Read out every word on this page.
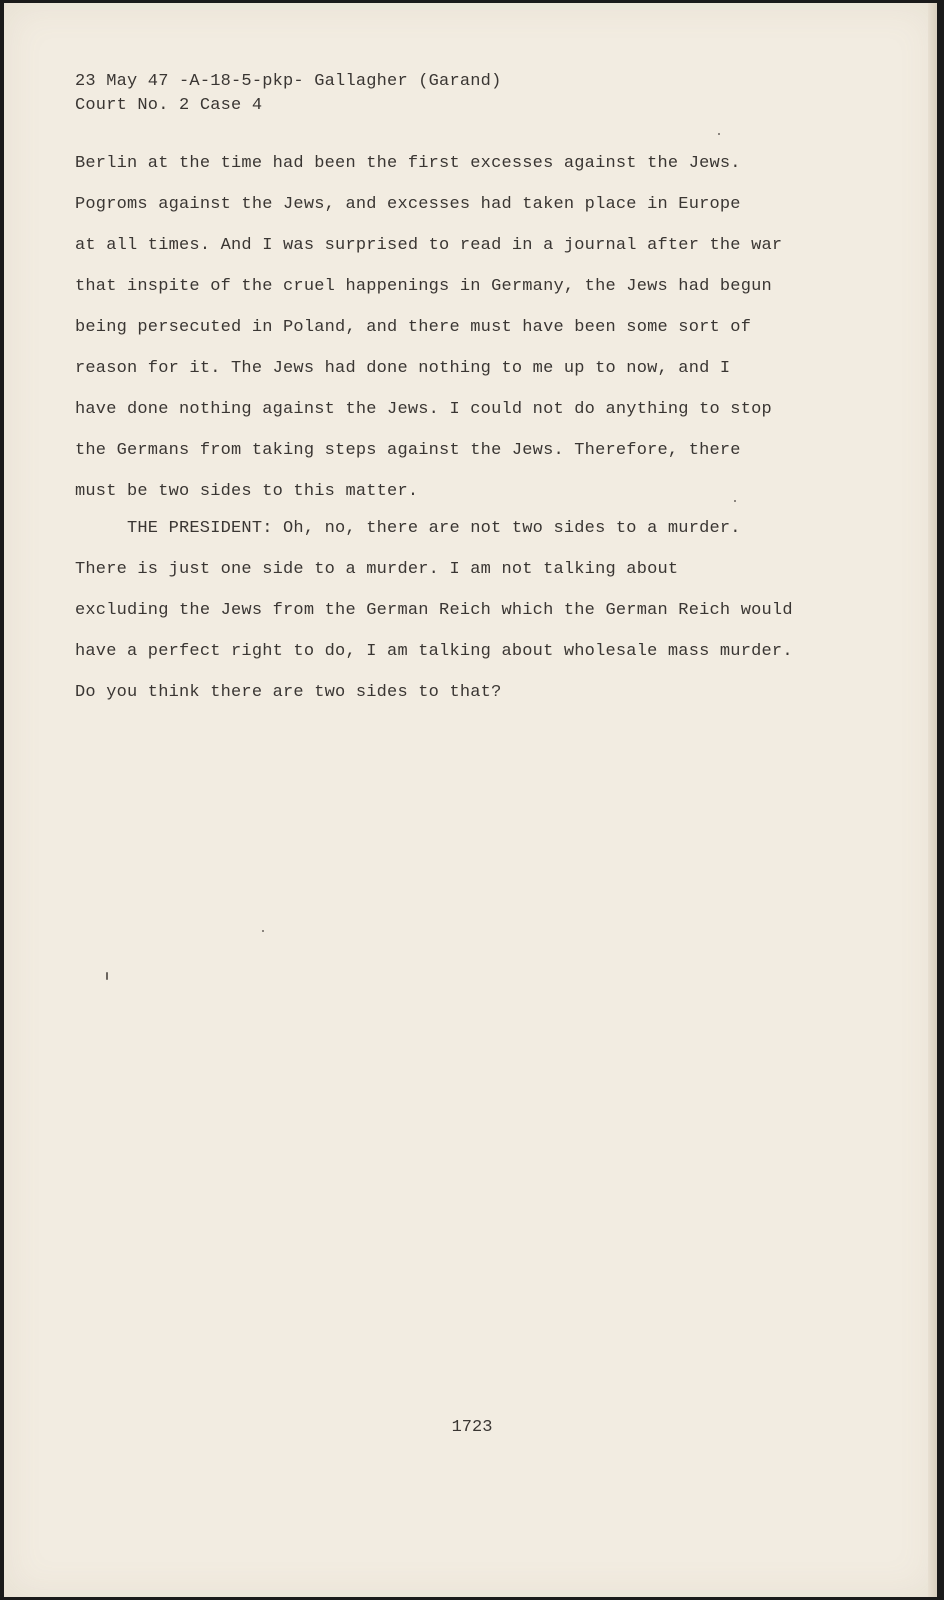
23 May 47 -A-18-5-pkp- Gallagher (Garand)
Court No. 2 Case 4
Berlin at the time had been the first excesses against the Jews.
Pogroms against the Jews, and excesses had taken place in Europe
at all times. And I was surprised to read in a journal after the war
that inspite of the cruel happenings in Germany, the Jews had begun
being persecuted in Poland, and there must have been some sort of
reason for it. The Jews had done nothing to me up to now, and I
have done nothing against the Jews. I could not do anything to stop
the Germans from taking steps against the Jews. Therefore, there
must be two sides to this matter.
THE PRESIDENT: Oh, no, there are not two sides to a murder.
There is just one side to a murder. I am not talking about
excluding the Jews from the German Reich which the German Reich would
have a perfect right to do, I am talking about wholesale mass murder.
Do you think there are two sides to that?
1723
